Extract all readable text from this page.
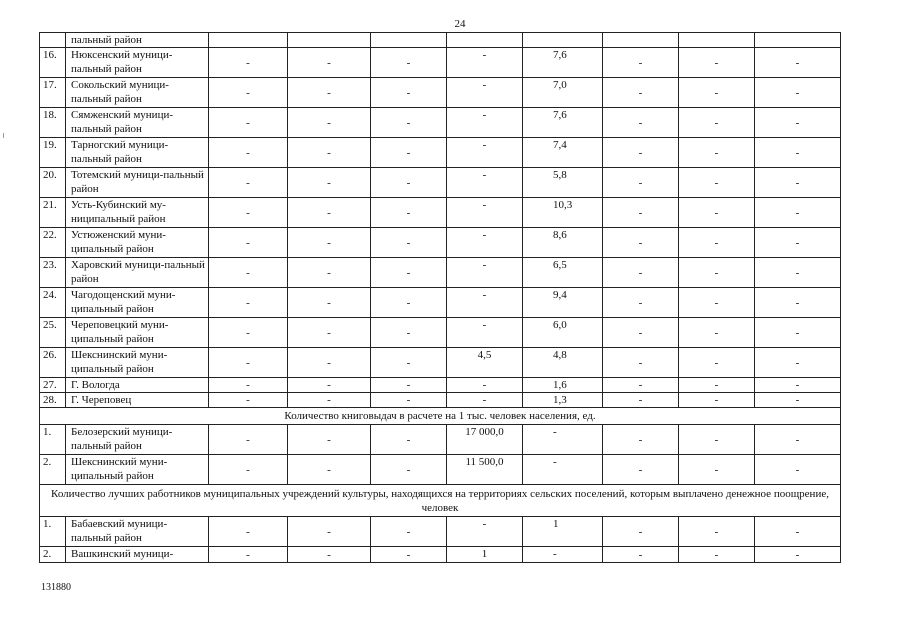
24
	пальный район								
16.	Нюксенский муници-пальный район	-	-	-	-	7,6	-	-	-
17.	Сокольский муници-пальный район	-	-	-	-	7,0	-	-	-
18.	Сямженский муници-пальный район	-	-	-	-	7,6	-	-	-
19.	Тарногский муници-пальный район	-	-	-	-	7,4	-	-	-
20.	Тотемский муници-пальный район	-	-	-	-	5,8	-	-	-
21.	Усть-Кубинский му-ниципальный район	-	-	-	-	10,3	-	-	-
22.	Устюженский муни-ципальный район	-	-	-	-	8,6	-	-	-
23.	Харовский муници-пальный район	-	-	-	-	6,5	-	-	-
24.	Чагодощенский муни-ципальный район	-	-	-	-	9,4	-	-	-
25.	Череповецкий муни-ципальный район	-	-	-	-	6,0	-	-	-
26.	Шекснинский муни-ципальный район	-	-	-	4,5	4,8	-	-	-
27.	Г. Вологда	-	-	-	-	1,6	-	-	-
28.	Г. Череповец	-	-	-	-	1,3	-	-	-
Количество книговыдач в расчете на 1 тыс. человек населения, ед.									
1.	Белозерский муници-пальный район	-	-	-	17 000,0	-	-	-	-
2.	Шекснинский муни-ципальный район	-	-	-	11 500,0	-	-	-	-
Количество лучших работников муниципальных учреждений культуры, находящихся на территориях сельских поселений, которым выплачено денежное поощрение, человек									
1.	Бабаевский муници-пальный район	-	-	-	-	1	-	-	-
2.	Вашкинский муници-	-	-	-	1	-	-	-	-
131880
